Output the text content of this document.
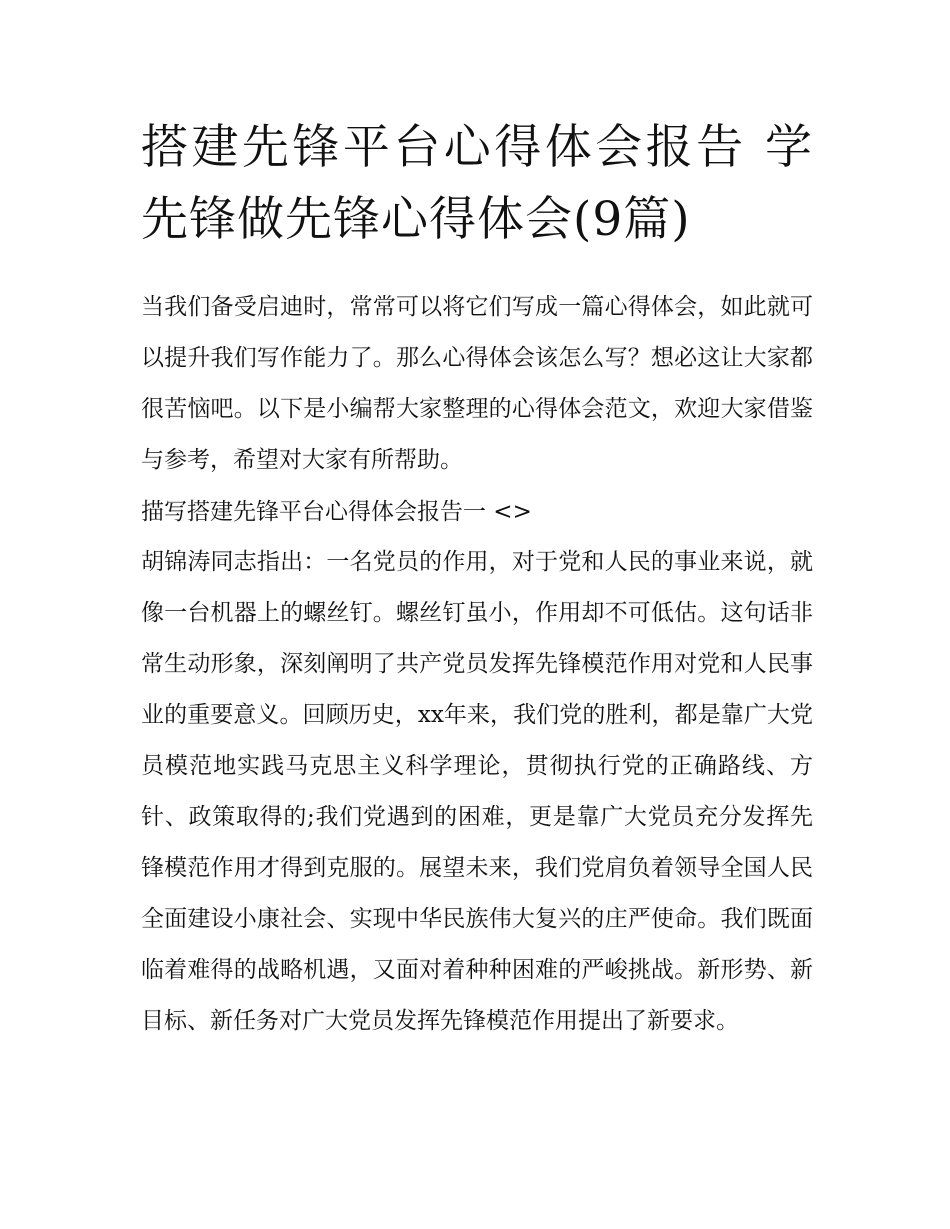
搭建先锋平台心得体会报告 学先锋做先锋心得体会(9篇)

当我们备受启迪时，常常可以将它们写成一篇心得体会，如此就可以提升我们写作能力了。那么心得体会该怎么写？想必这让大家都很苦恼吧。以下是小编帮大家整理的心得体会范文，欢迎大家借鉴与参考，希望对大家有所帮助。

描写搭建先锋平台心得体会报告一 <>

胡锦涛同志指出：一名党员的作用，对于党和人民的事业来说，就像一台机器上的螺丝钉。螺丝钉虽小，作用却不可低估。这句话非常生动形象，深刻阐明了共产党员发挥先锋模范作用对党和人民事业的重要意义。回顾历史，xx年来，我们党的胜利，都是靠广大党员模范地实践马克思主义科学理论，贯彻执行党的正确路线、方针、政策取得的;我们党遇到的困难，更是靠广大党员充分发挥先锋模范作用才得到克服的。展望未来，我们党肩负着领导全国人民全面建设小康社会、实现中华民族伟大复兴的庄严使命。我们既面临着难得的战略机遇，又面对着种种困难的严峻挑战。新形势、新目标、新任务对广大党员发挥先锋模范作用提出了新要求。
